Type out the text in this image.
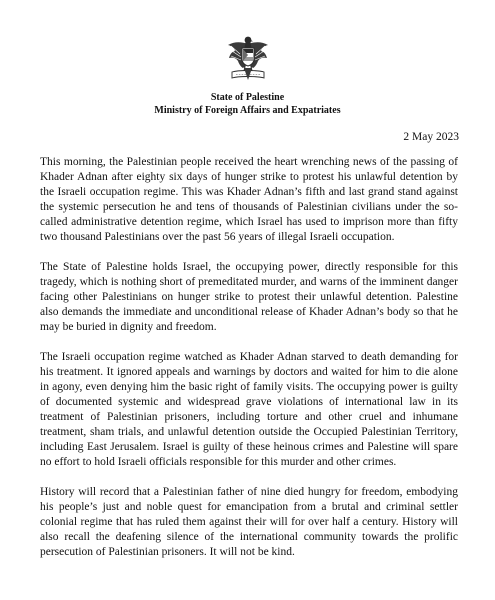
State of Palestine
Ministry of Foreign Affairs and Expatriates
2 May 2023

This morning, the Palestinian people received the heart wrenching news of the passing of Khader Adnan after eighty six days of hunger strike to protest his unlawful detention by the Israeli occupation regime. This was Khader Adnan’s fifth and last grand stand against the systemic persecution he and tens of thousands of Palestinian civilians under the so-called administrative detention regime, which Israel has used to imprison more than fifty two thousand Palestinians over the past 56 years of illegal Israeli occupation.

The State of Palestine holds Israel, the occupying power, directly responsible for this tragedy, which is nothing short of premeditated murder, and warns of the imminent danger facing other Palestinians on hunger strike to protest their unlawful detention. Palestine also demands the immediate and unconditional release of Khader Adnan’s body so that he may be buried in dignity and freedom.

The Israeli occupation regime watched as Khader Adnan starved to death demanding for his treatment. It ignored appeals and warnings by doctors and waited for him to die alone in agony, even denying him the basic right of family visits. The occupying power is guilty of documented systemic and widespread grave violations of international law in its treatment of Palestinian prisoners, including torture and other cruel and inhumane treatment, sham trials, and unlawful detention outside the Occupied Palestinian Territory, including East Jerusalem. Israel is guilty of these heinous crimes and Palestine will spare no effort to hold Israeli officials responsible for this murder and other crimes.

History will record that a Palestinian father of nine died hungry for freedom, embodying his people’s just and noble quest for emancipation from a brutal and criminal settler colonial regime that has ruled them against their will for over half a century. History will also recall the deafening silence of the international community towards the prolific persecution of Palestinian prisoners. It will not be kind.
